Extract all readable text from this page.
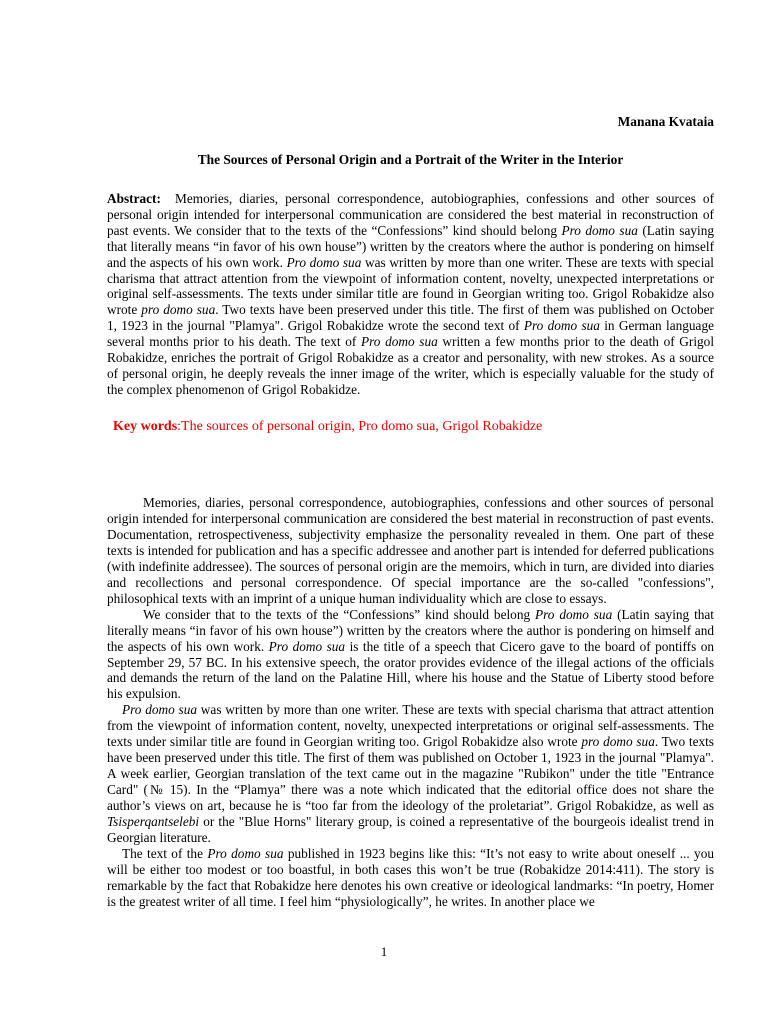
Manana Kvataia
The Sources of Personal Origin and a Portrait of the Writer in the Interior

Abstract: Memories, diaries, personal correspondence, autobiographies, confessions and other sources of personal origin intended for interpersonal communication are considered the best material in reconstruction of past events. We consider that to the texts of the “Confessions” kind should belong Pro domo sua (Latin saying that literally means “in favor of his own house”) written by the creators where the author is pondering on himself and the aspects of his own work. Pro domo sua was written by more than one writer. These are texts with special charisma that attract attention from the viewpoint of information content, novelty, unexpected interpretations or original self-assessments. The texts under similar title are found in Georgian writing too. Grigol Robakidze also wrote pro domo sua. Two texts have been preserved under this title. The first of them was published on October 1, 1923 in the journal "Plamya". Grigol Robakidze wrote the second text of Pro domo sua in German language several months prior to his death. The text of Pro domo sua written a few months prior to the death of Grigol Robakidze, enriches the portrait of Grigol Robakidze as a creator and personality, with new strokes. As a source of personal origin, he deeply reveals the inner image of the writer, which is especially valuable for the study of the complex phenomenon of Grigol Robakidze.

Key words:The sources of personal origin, Pro domo sua, Grigol Robakidze

Memories, diaries, personal correspondence, autobiographies, confessions and other sources of personal origin intended for interpersonal communication are considered the best material in reconstruction of past events. Documentation, retrospectiveness, subjectivity emphasize the personality revealed in them. One part of these texts is intended for publication and has a specific addressee and another part is intended for deferred publications (with indefinite addressee). The sources of personal origin are the memoirs, which in turn, are divided into diaries and recollections and personal correspondence. Of special importance are the so-called "confessions", philosophical texts with an imprint of a unique human individuality which are close to essays.

We consider that to the texts of the “Confessions” kind should belong Pro domo sua (Latin saying that literally means “in favor of his own house”) written by the creators where the author is pondering on himself and the aspects of his own work. Pro domo sua is the title of a speech that Cicero gave to the board of pontiffs on September 29, 57 BC. In his extensive speech, the orator provides evidence of the illegal actions of the officials and demands the return of the land on the Palatine Hill, where his house and the Statue of Liberty stood before his expulsion.

Pro domo sua was written by more than one writer. These are texts with special charisma that attract attention from the viewpoint of information content, novelty, unexpected interpretations or original self-assessments. The texts under similar title are found in Georgian writing too. Grigol Robakidze also wrote pro domo sua. Two texts have been preserved under this title. The first of them was published on October 1, 1923 in the journal "Plamya". A week earlier, Georgian translation of the text came out in the magazine "Rubikon" under the title "Entrance Card" (№ 15). In the “Plamya” there was a note which indicated that the editorial office does not share the author’s views on art, because he is “too far from the ideology of the proletariat”. Grigol Robakidze, as well as Tsisperqantselebi or the "Blue Horns" literary group, is coined a representative of the bourgeois idealist trend in Georgian literature.

The text of the Pro domo sua published in 1923 begins like this: “It’s not easy to write about oneself ... you will be either too modest or too boastful, in both cases this won’t be true (Robakidze 2014:411). The story is remarkable by the fact that Robakidze here denotes his own creative or ideological landmarks: “In poetry, Homer is the greatest writer of all time. I feel him “physiologically”, he writes. In another place we

1
